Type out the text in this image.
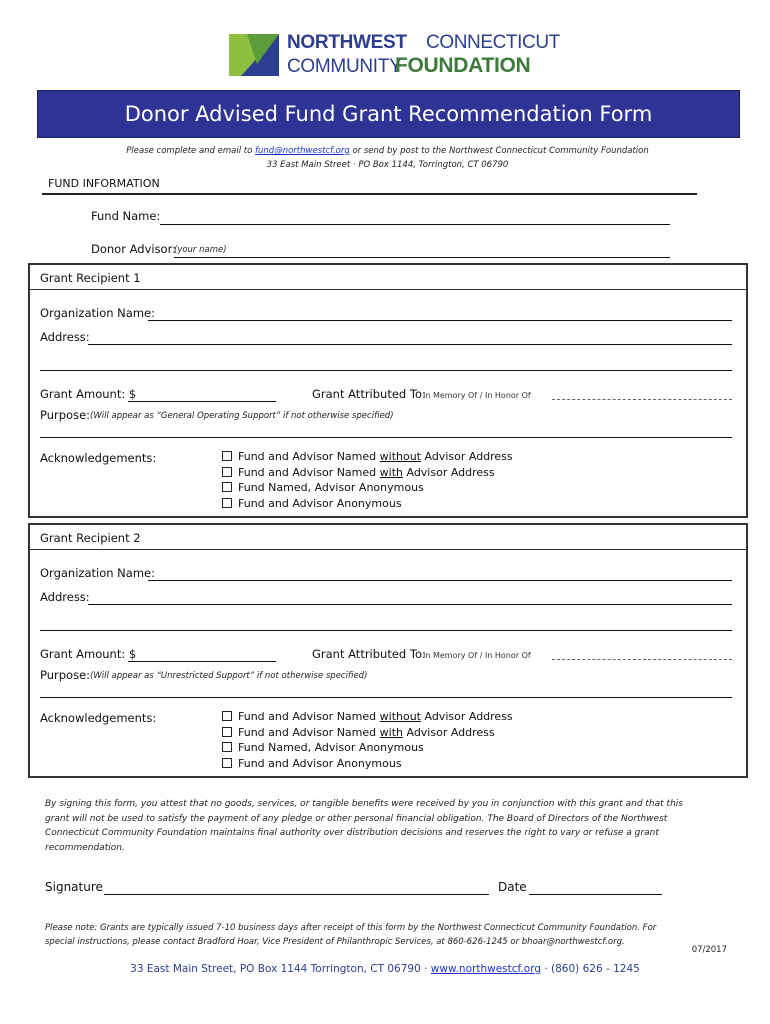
NORTHWEST CONNECTICUT
COMMUNITY
FOUNDATION
Donor Advised Fund Grant Recommendation Form
Please complete and email to fund@northwestcf.org or send by post to the Northwest Connecticut Community Foundation
33 East Main Street · PO Box 1144, Torrington, CT 06790
FUND INFORMATION
Fund Name:
Donor Advisor:
(your name)
Grant Recipient 1
Organization Name:
Address:
Grant Amount: $	Grant Attributed To:
In Memory Of / In Honor Of
Purpose: (Will appear as “General Operating Support” if not otherwise specified)
Acknowledgements:	Fund and Advisor Named without Advisor Address
Fund and Advisor Named with Advisor Address
Fund Named, Advisor Anonymous
Fund and Advisor Anonymous
Grant Recipient 2
Organization Name:
Address:
Grant Amount: $	Grant Attributed To:
In Memory Of / In Honor Of
Purpose: (Will appear as “Unrestricted Support” if not otherwise specified)
Acknowledgements:	Fund and Advisor Named without Advisor Address
Fund and Advisor Named with Advisor Address
Fund Named, Advisor Anonymous
Fund and Advisor Anonymous
By signing this form, you attest that no goods, services, or tangible benefits were received by you in conjunction with this grant and that this grant will not be used to satisfy the payment of any pledge or other personal financial obligation. The Board of Directors of the Northwest Connecticut Community Foundation maintains final authority over distribution decisions and reserves the right to vary or refuse a grant recommendation.
Signature	Date
Please note: Grants are typically issued 7-10 business days after receipt of this form by the Northwest Connecticut Community Foundation. For special instructions, please contact Bradford Hoar, Vice President of Philanthropic Services, at 860-626-1245 or bhoar@northwestcf.org.
07/2017
33 East Main Street, PO Box 1144 Torrington, CT 06790 · www.northwestcf.org · (860) 626 - 1245
